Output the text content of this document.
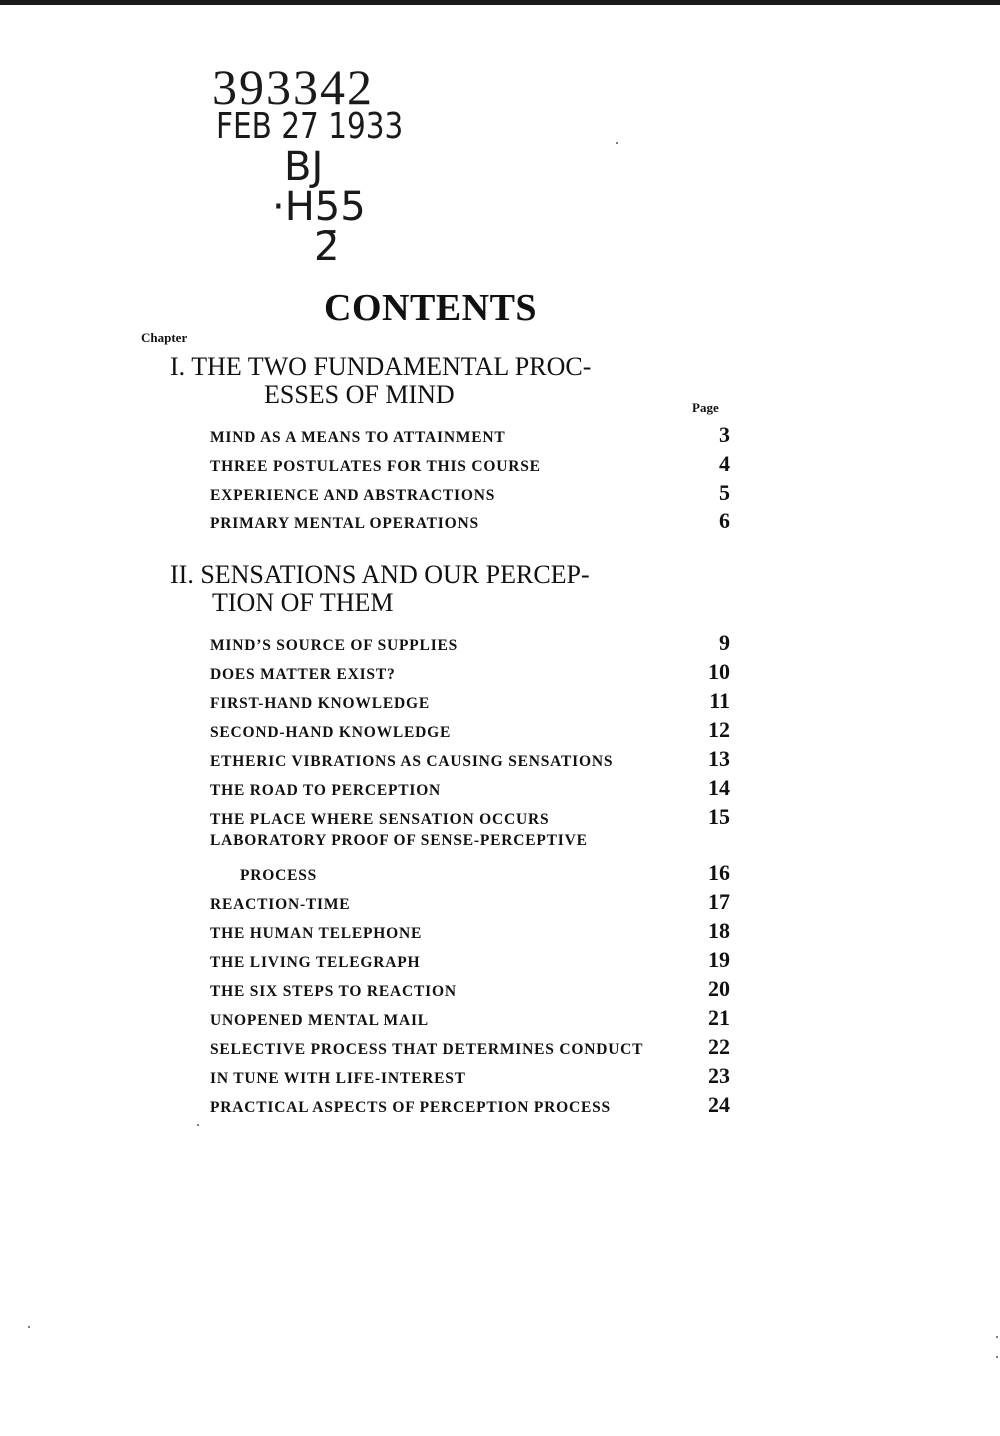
393342
FEB 27 1933
BJ
·H55
2̄
CONTENTS
Chapter
I. THE TWO FUNDAMENTAL PROC-
ESSES OF MIND	Page
MIND AS A MEANS TO ATTAINMENT	3
THREE POSTULATES FOR THIS COURSE	4
EXPERIENCE AND ABSTRACTIONS	5
PRIMARY MENTAL OPERATIONS	6
II. SENSATIONS AND OUR PERCEP-
TION OF THEM
MIND’S SOURCE OF SUPPLIES	9
DOES MATTER EXIST?	10
FIRST-HAND KNOWLEDGE	11
SECOND-HAND KNOWLEDGE	12
ETHERIC VIBRATIONS AS CAUSING SENSATIONS	13
THE ROAD TO PERCEPTION	14
THE PLACE WHERE SENSATION OCCURS	15
LABORATORY PROOF OF SENSE-PERCEPTIVE
PROCESS	16
REACTION-TIME	17
THE HUMAN TELEPHONE	18
THE LIVING TELEGRAPH	19
THE SIX STEPS TO REACTION	20
UNOPENED MENTAL MAIL	21
SELECTIVE PROCESS THAT DETERMINES CONDUCT	22
IN TUNE WITH LIFE-INTEREST	23
PRACTICAL ASPECTS OF PERCEPTION PROCESS	24
